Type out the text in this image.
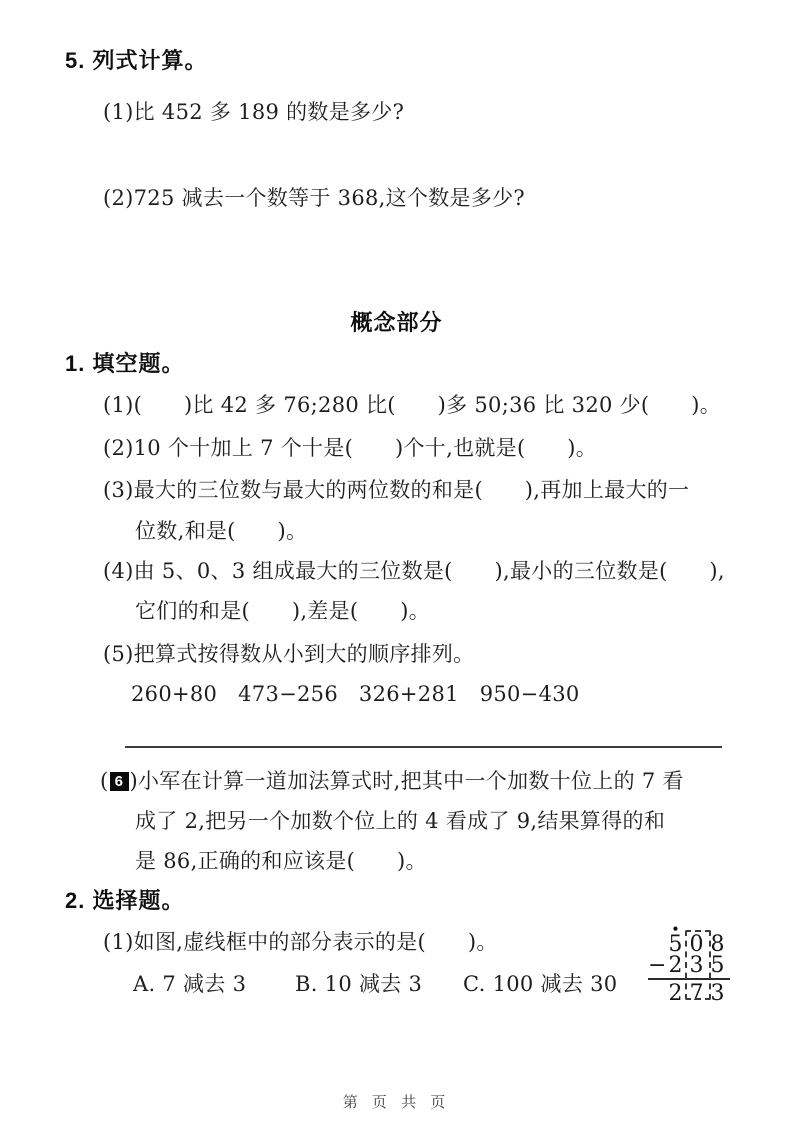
5. 列式计算。
(1)比 452 多 189 的数是多少?
(2)725 减去一个数等于 368,这个数是多少?
概念部分
1. 填空题。
(1)(      )比 42 多 76;280 比(      )多 50;36 比 320 少(      )。
(2)10 个十加上 7 个十是(      )个十,也就是(      )。
(3)最大的三位数与最大的两位数的和是(      ),再加上最大的一
位数,和是(      )。
(4)由 5、0、3 组成最大的三位数是(      ),最小的三位数是(      ),
它们的和是(      ),差是(      )。
(5)把算式按得数从小到大的顺序排列。
260+80   473−256   326+281   950−430
( 6 )小军在计算一道加法算式时,把其中一个加数十位上的 7 看
成了 2,把另一个加数个位上的 4 看成了 9,结果算得的和
是 86,正确的和应该是(      )。
2. 选择题。
(1)如图,虚线框中的部分表示的是(      )。
A. 7 减去 3 B. 10 减去 3 C. 100 减去 30
•
5 0 8
− 2 3 5
2 7 3
第 页 共 页
